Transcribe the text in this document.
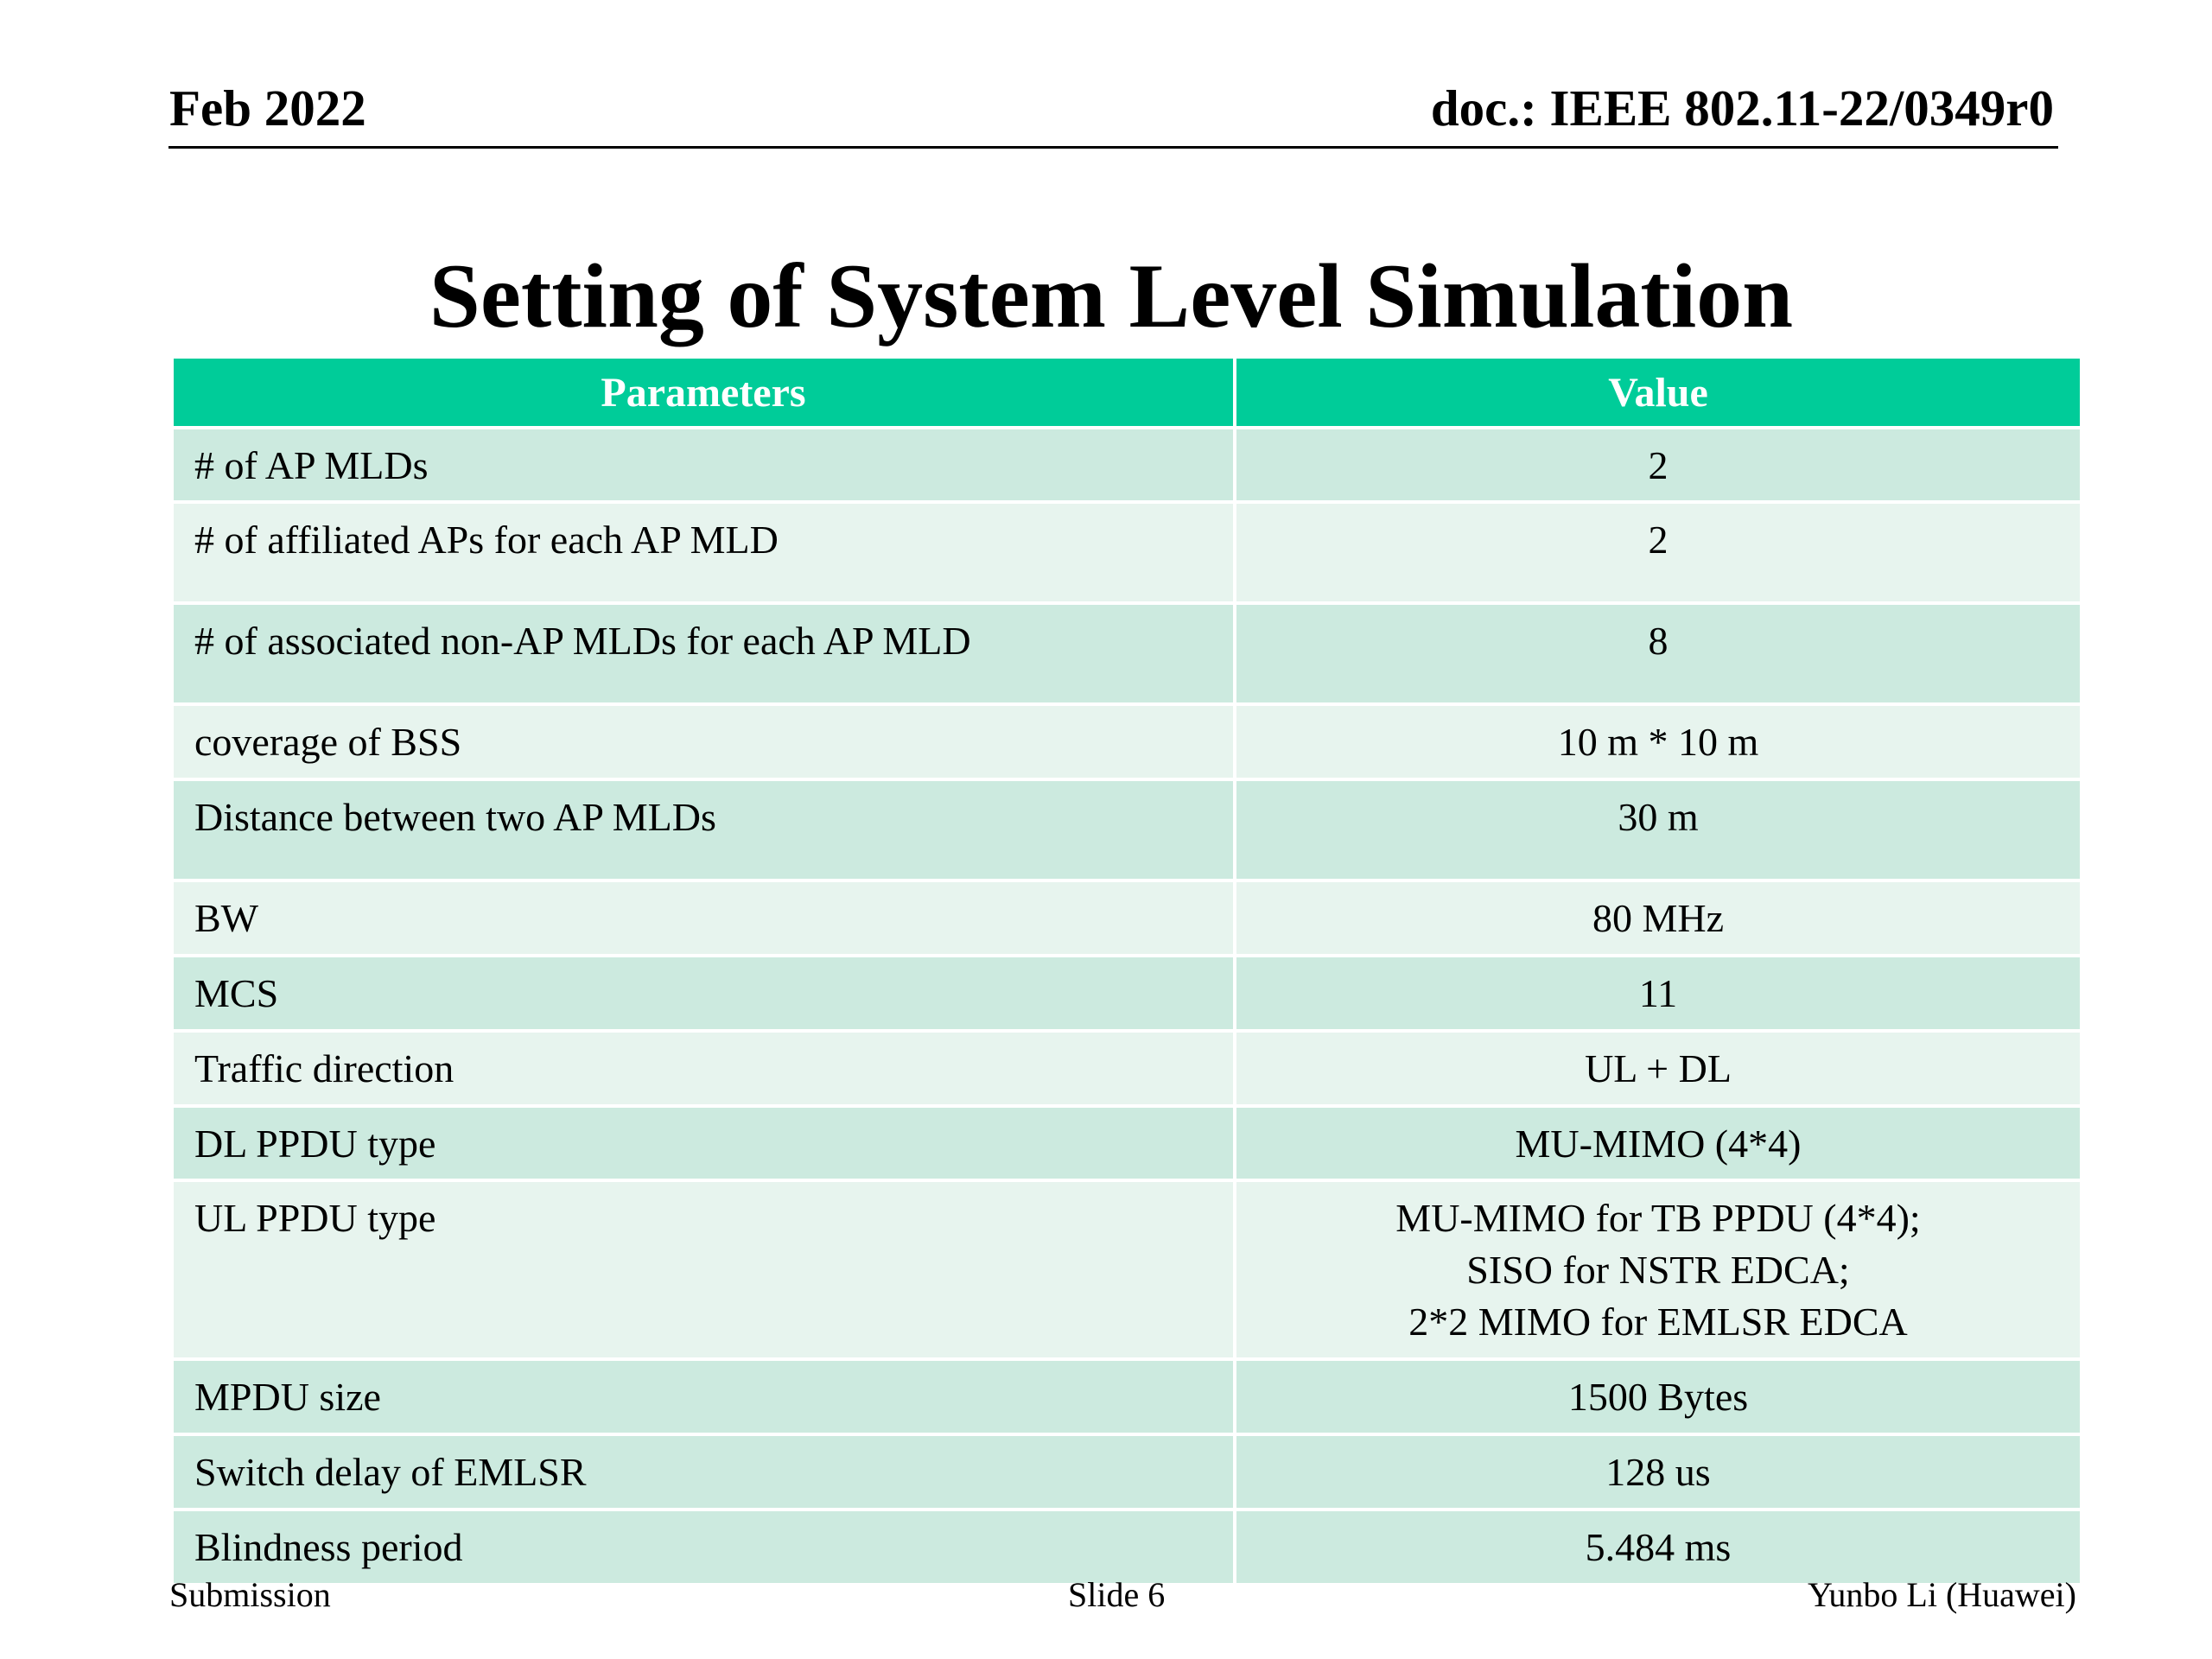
Feb 2022	doc.: IEEE 802.11-22/0349r0
Setting of System Level Simulation
Parameters	Value
# of AP MLDs	2
# of affiliated APs for each AP MLD	2
# of associated non-AP MLDs for each AP MLD	8
coverage of BSS	10 m * 10 m
Distance between two AP MLDs	30 m
BW	80 MHz
MCS	11
Traffic direction	UL + DL
DL PPDU type	MU-MIMO (4*4)
UL PPDU type	MU-MIMO for TB PPDU (4*4);
SISO for NSTR EDCA;
2*2 MIMO for EMLSR EDCA

MPDU size	1500 Bytes
Switch delay of EMLSR	128 us
Blindness period	5.484 ms
Submission	Slide 6	Yunbo Li (Huawei)
